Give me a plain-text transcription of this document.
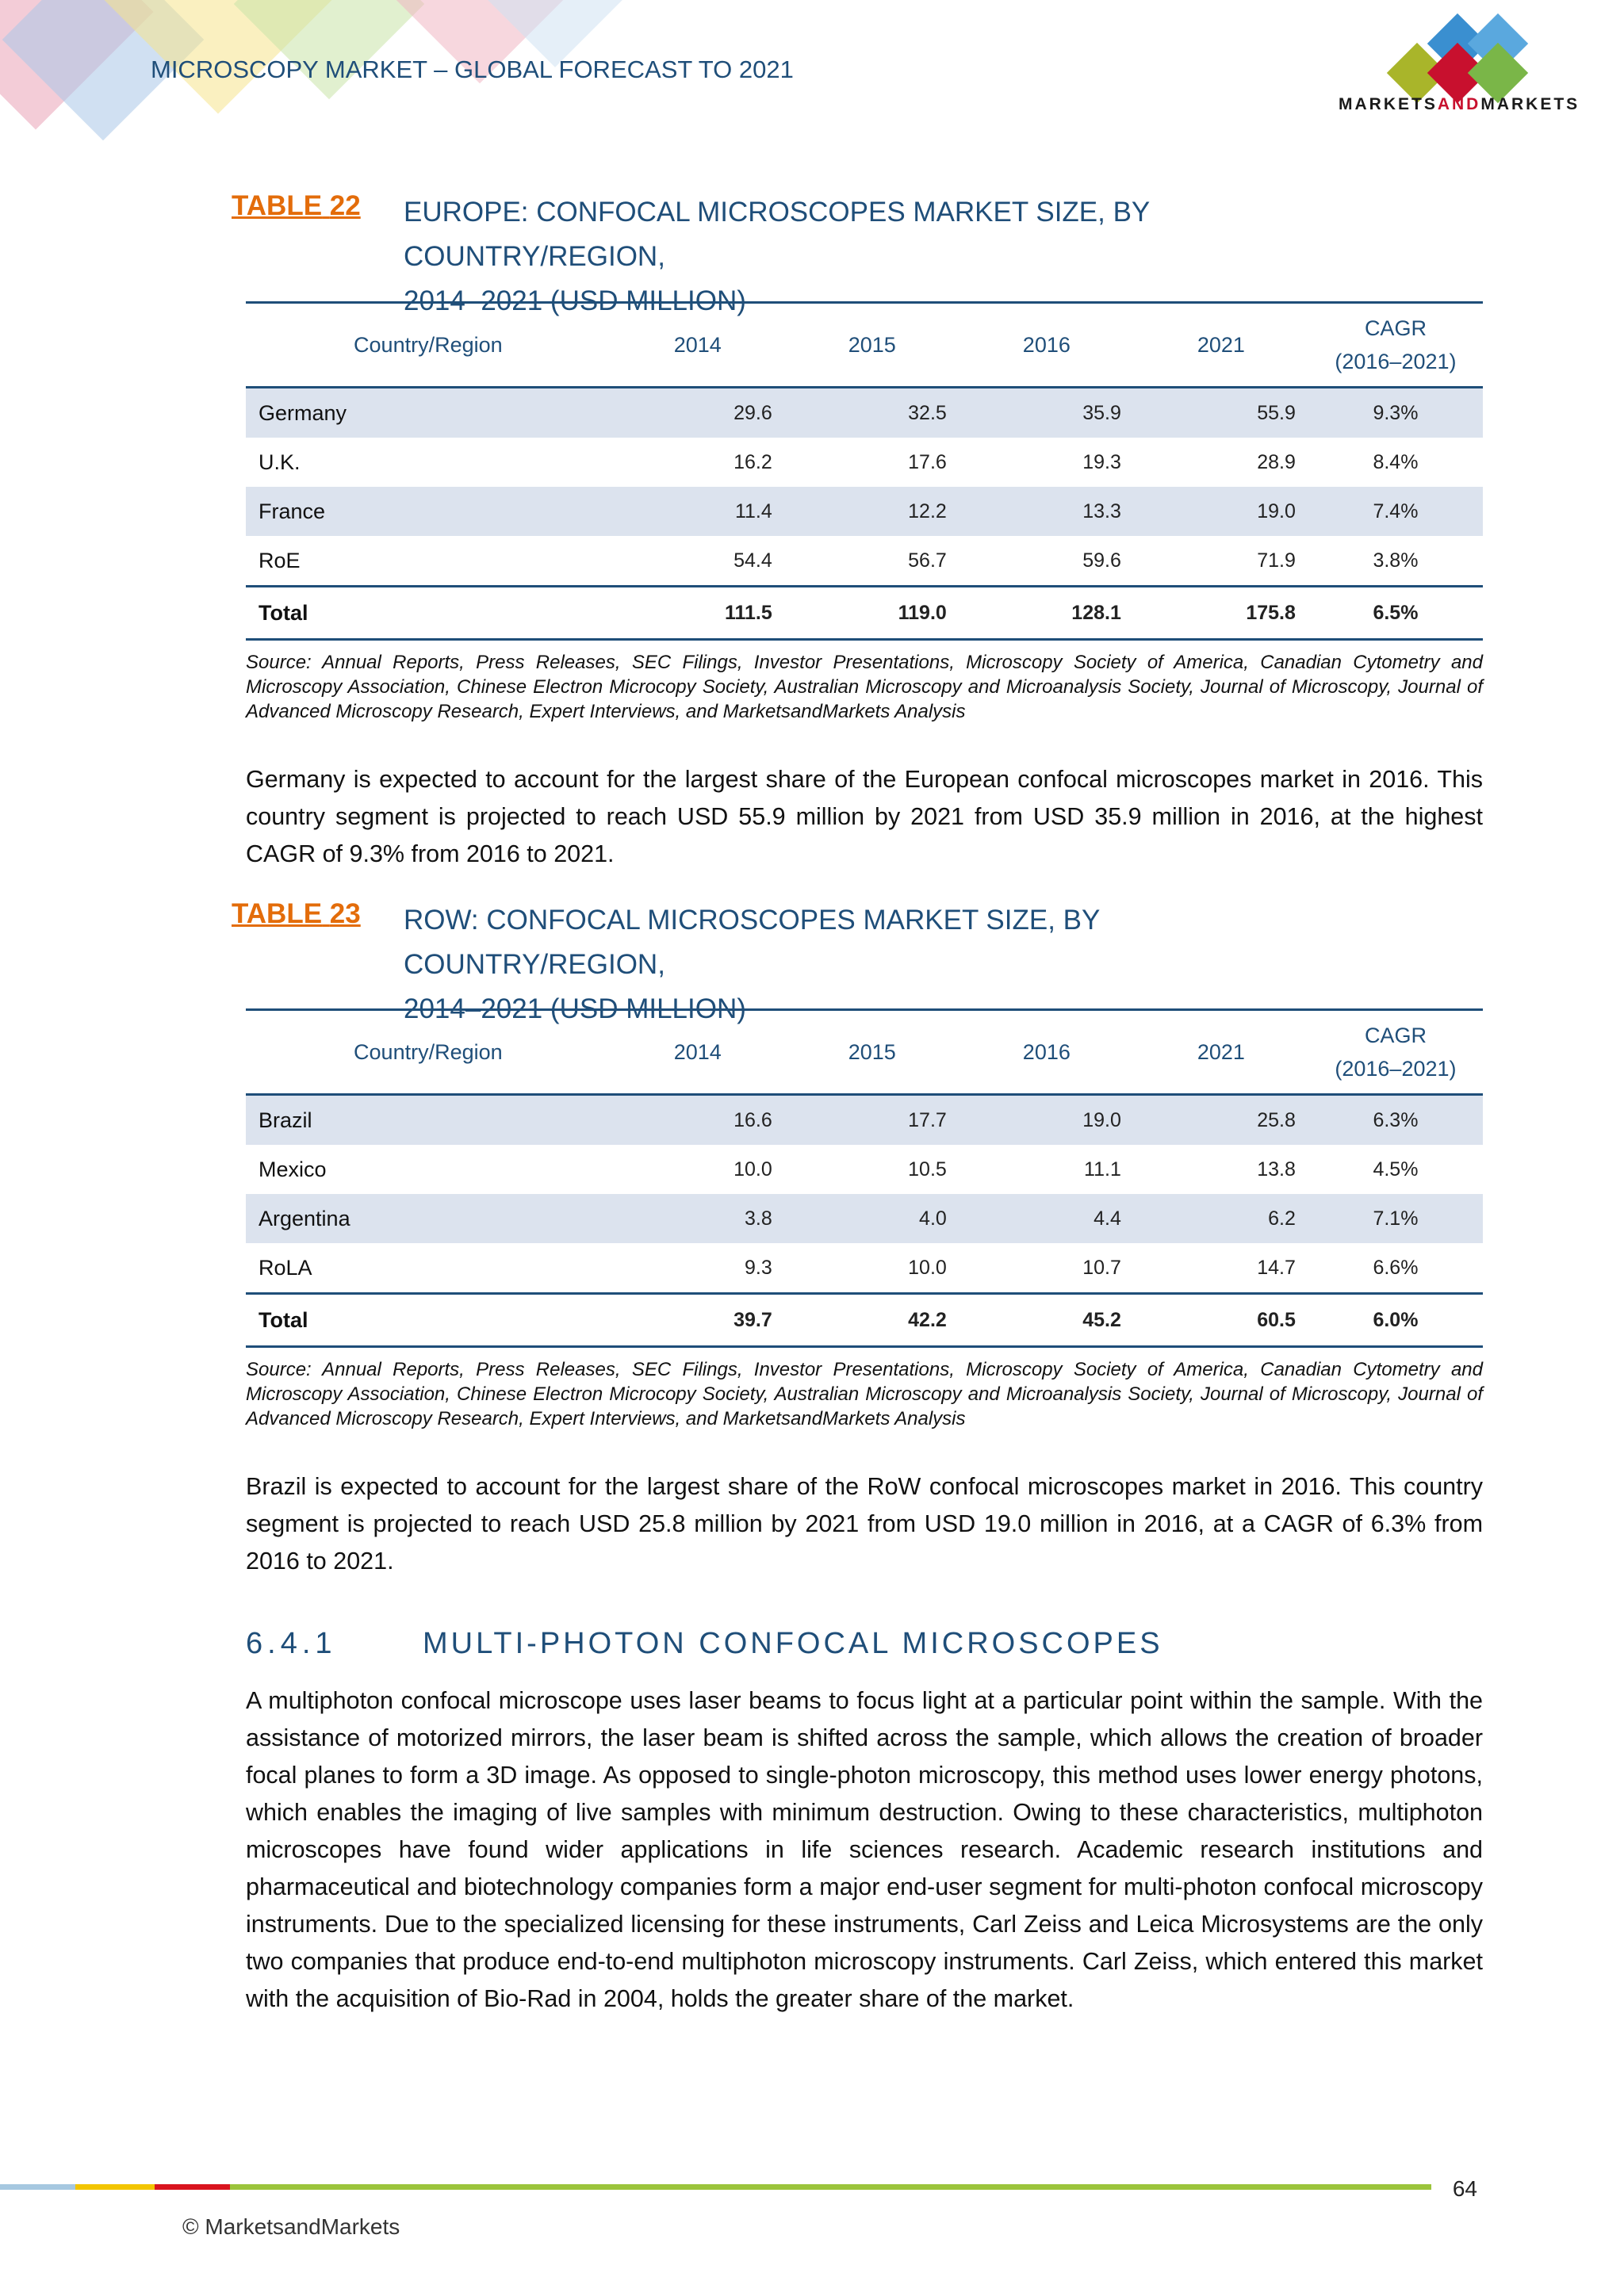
MICROSCOPY MARKET – GLOBAL FORECAST TO 2021
MARKETSANDMARKETS
TABLE 22 EUROPE: CONFOCAL MICROSCOPES MARKET SIZE, BY COUNTRY/REGION,
2014–2021 (USD MILLION)
Country/Region	2014	2015	2016	2021	CAGR
(2016–2021)

Germany	29.6	32.5	35.9	55.9	9.3%
U.K.	16.2	17.6	19.3	28.9	8.4%
France	11.4	12.2	13.3	19.0	7.4%
RoE	54.4	56.7	59.6	71.9	3.8%
Total	111.5	119.0	128.1	175.8	6.5%
Source: Annual Reports, Press Releases, SEC Filings, Investor Presentations, Microscopy Society of America, Canadian Cytometry and Microscopy Association, Chinese Electron Microcopy Society, Australian Microscopy and Microanalysis Society, Journal of Microscopy, Journal of Advanced Microscopy Research, Expert Interviews, and MarketsandMarkets Analysis
Germany is expected to account for the largest share of the European confocal microscopes market in 2016. This country segment is projected to reach USD 55.9 million by 2021 from USD 35.9 million in 2016, at the highest CAGR of 9.3% from 2016 to 2021.
TABLE 23 ROW: CONFOCAL MICROSCOPES MARKET SIZE, BY COUNTRY/REGION,
2014–2021 (USD MILLION)
Country/Region	2014	2015	2016	2021	CAGR
(2016–2021)

Brazil	16.6	17.7	19.0	25.8	6.3%
Mexico	10.0	10.5	11.1	13.8	4.5%
Argentina	3.8	4.0	4.4	6.2	7.1%
RoLA	9.3	10.0	10.7	14.7	6.6%
Total	39.7	42.2	45.2	60.5	6.0%
Source: Annual Reports, Press Releases, SEC Filings, Investor Presentations, Microscopy Society of America, Canadian Cytometry and Microscopy Association, Chinese Electron Microcopy Society, Australian Microscopy and Microanalysis Society, Journal of Microscopy, Journal of Advanced Microscopy Research, Expert Interviews, and MarketsandMarkets Analysis
Brazil is expected to account for the largest share of the RoW confocal microscopes market in 2016. This country segment is projected to reach USD 25.8 million by 2021 from USD 19.0 million in 2016, at a CAGR of 6.3% from 2016 to 2021.
6.4.1	MULTI-PHOTON CONFOCAL MICROSCOPES
A multiphoton confocal microscope uses laser beams to focus light at a particular point within the sample. With the assistance of motorized mirrors, the laser beam is shifted across the sample, which allows the creation of broader focal planes to form a 3D image. As opposed to single-photon microscopy, this method uses lower energy photons, which enables the imaging of live samples with minimum destruction. Owing to these characteristics, multiphoton microscopes have found wider applications in life sciences research. Academic research institutions and pharmaceutical and biotechnology companies form a major end-user segment for multi-photon confocal microscopy instruments. Due to the specialized licensing for these instruments, Carl Zeiss and Leica Microsystems are the only two companies that produce end-to-end multiphoton microscopy instruments. Carl Zeiss, which entered this market with the acquisition of Bio-Rad in 2004, holds the greater share of the market.
64
© MarketsandMarkets
